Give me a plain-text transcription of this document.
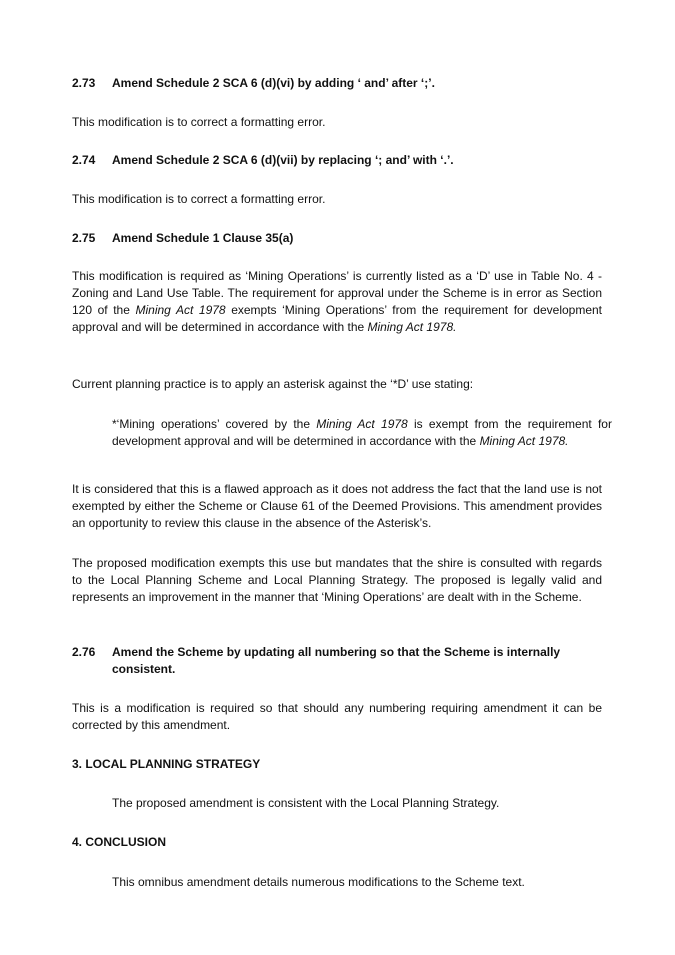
2.73	Amend Schedule 2 SCA 6 (d)(vi) by adding ‘ and’ after ‘;’.
This modification is to correct a formatting error.
2.74	Amend Schedule 2 SCA 6 (d)(vii) by replacing ‘; and’ with ‘.’.
This modification is to correct a formatting error.
2.75	Amend Schedule 1 Clause 35(a)
This modification is required as ‘Mining Operations’ is currently listed as a ‘D’ use in Table No. 4 - Zoning and Land Use Table. The requirement for approval under the Scheme is in error as Section 120 of the Mining Act 1978 exempts ‘Mining Operations’ from the requirement for development approval and will be determined in accordance with the Mining Act 1978.
Current planning practice is to apply an asterisk against the ‘*D’ use stating:
*‘Mining operations’ covered by the Mining Act 1978 is exempt from the requirement for development approval and will be determined in accordance with the Mining Act 1978.
It is considered that this is a flawed approach as it does not address the fact that the land use is not exempted by either the Scheme or Clause 61 of the Deemed Provisions. This amendment provides an opportunity to review this clause in the absence of the Asterisk’s.
The proposed modification exempts this use but mandates that the shire is consulted with regards to the Local Planning Scheme and Local Planning Strategy. The proposed is legally valid and represents an improvement in the manner that ‘Mining Operations’ are dealt with in the Scheme.
2.76	Amend the Scheme by updating all numbering so that the Scheme is internally consistent.
This is a modification is required so that should any numbering requiring amendment it can be corrected by this amendment.
3. LOCAL PLANNING STRATEGY
The proposed amendment is consistent with the Local Planning Strategy.
4. CONCLUSION
This omnibus amendment details numerous modifications to the Scheme text.
